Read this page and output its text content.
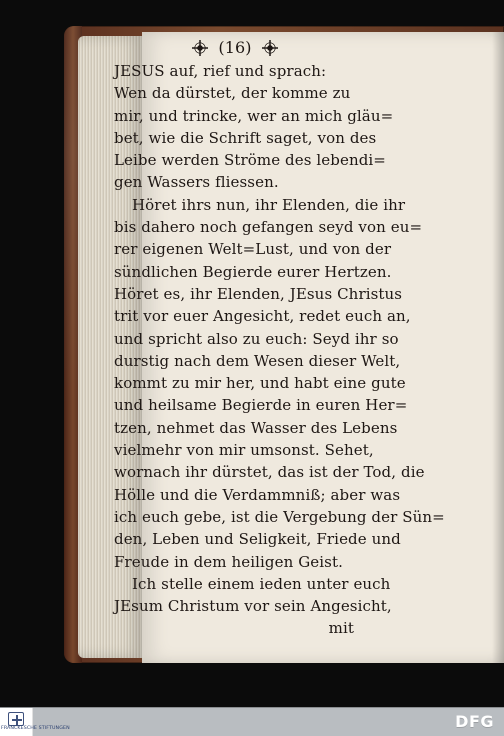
(16)
JESUS auf, rief und sprach:
Wen da dürstet, der komme zu
mir, und trincke, wer an mich gläu=
bet, wie die Schrift saget, von des
Leibe werden Ströme des lebendi=
gen Wassers fliessen.
Höret ihrs nun, ihr Elenden, die ihr
bis dahero noch gefangen seyd von eu=
rer eigenen Welt=Lust, und von der
sündlichen Begierde eurer Hertzen.
Höret es, ihr Elenden, JEsus Christus
trit vor euer Angesicht, redet euch an,
und spricht also zu euch: Seyd ihr so
durstig nach dem Wesen dieser Welt,
kommt zu mir her, und habt eine gute
und heilsame Begierde in euren Her=
tzen, nehmet das Wasser des Lebens
vielmehr von mir umsonst. Sehet,
wornach ihr dürstet, das ist der Tod, die
Hölle und die Verdammniß; aber was
ich euch gebe, ist die Vergebung der Sün=
den, Leben und Seligkeit, Friede und
Freude in dem heiligen Geist.
Ich stelle einem ieden unter euch
JEsum Christum vor sein Angesicht,
mit
FRANCKESCHE STIFTUNGEN	DFG
